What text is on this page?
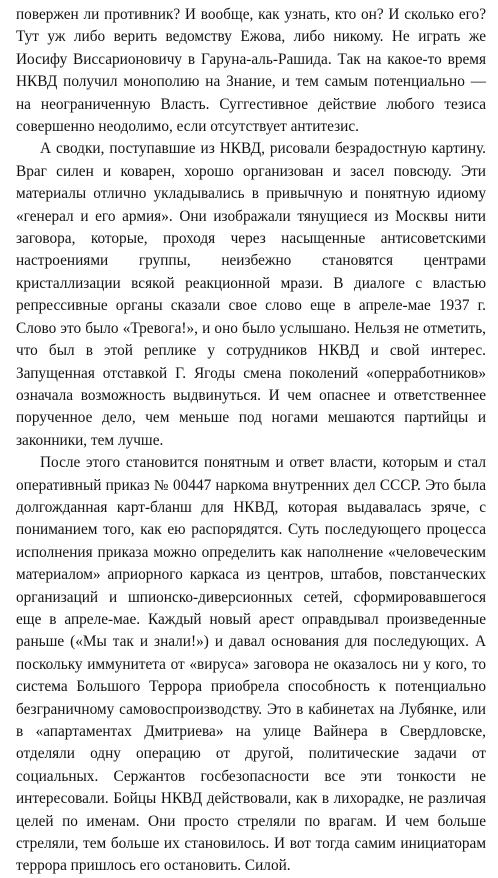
повержен ли противник? И вообще, как узнать, кто он? И сколько его? Тут уж либо верить ведомству Ежова, либо никому. Не играть же Иосифу Виссарионовичу в Гаруна-аль-Рашида. Так на какое-то время НКВД получил монополию на Знание, и тем самым потенциально — на неограниченную Власть. Суггестивное действие любого тезиса совершенно неодолимо, если отсутствует антитезис.

А сводки, поступавшие из НКВД, рисовали безрадостную картину. Враг силен и коварен, хорошо организован и засел повсюду. Эти материалы отлично укладывались в привычную и понятную идиому «генерал и его армия». Они изображали тянущиеся из Москвы нити заговора, которые, проходя через насыщенные антисоветскими настроениями группы, неизбежно становятся центрами кристаллизации всякой реакционной мрази. В диалоге с властью репрессивные органы сказали свое слово еще в апреле-мае 1937 г. Слово это было «Тревога!», и оно было услышано. Нельзя не отметить, что был в этой реплике у сотрудников НКВД и свой интерес. Запущенная отставкой Г. Ягоды смена поколений «оперработников» означала возможность выдвинуться. И чем опаснее и ответственнее порученное дело, чем меньше под ногами мешаются партийцы и законники, тем лучше.

После этого становится понятным и ответ власти, которым и стал оперативный приказ № 00447 наркома внутренних дел СССР. Это была долгожданная карт-бланш для НКВД, которая выдавалась зряче, с пониманием того, как ею распорядятся. Суть последующего процесса исполнения приказа можно определить как наполнение «человеческим материалом» априорного каркаса из центров, штабов, повстанческих организаций и шпионско-диверсионных сетей, сформировавшегося еще в апреле-мае. Каждый новый арест оправдывал произведенные раньше («Мы так и знали!») и давал основания для последующих. А поскольку иммунитета от «вируса» заговора не оказалось ни у кого, то система Большого Террора приобрела способность к потенциально безграничному самовоспроизводству. Это в кабинетах на Лубянке, или в «апартаментах Дмитриева» на улице Вайнера в Свердловске, отделяли одну операцию от другой, политические задачи от социальных. Сержантов госбезопасности все эти тонкости не интересовали. Бойцы НКВД действовали, как в лихорадке, не различая целей по именам. Они просто стреляли по врагам. И чем больше стреляли, тем больше их становилось. И вот тогда самим инициаторам террора пришлось его остановить. Силой.
